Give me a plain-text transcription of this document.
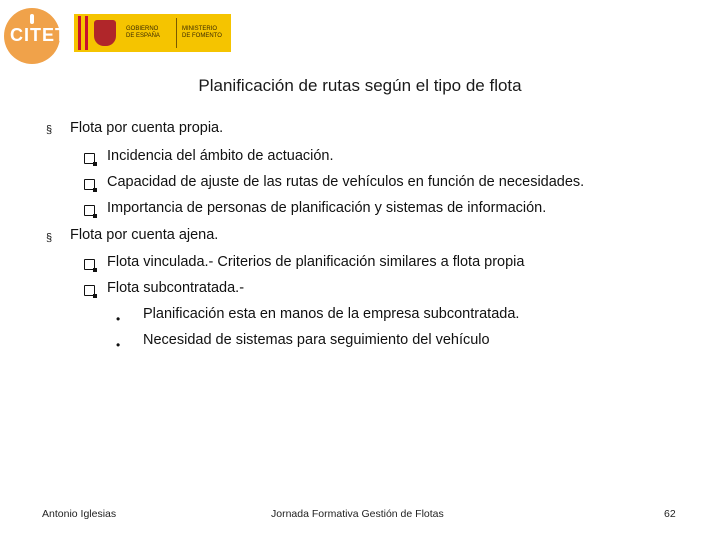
CITET	GOBIERNO
DE ESPAÑA
MINISTERIO
DE FOMENTO
Planificación de rutas según el tipo de flota
§ Flota por cuenta propia.
Incidencia del ámbito de actuación.
Capacidad de ajuste de las rutas de vehículos en función de necesidades.
Importancia de personas de planificación y sistemas de información.
§ Flota por cuenta ajena.
Flota vinculada.- Criterios de planificación similares a flota propia
Flota subcontratada.-
• Planificación esta en manos de la empresa subcontratada.
• Necesidad de sistemas para seguimiento del vehículo
Antonio Iglesias	Jornada Formativa Gestión de Flotas	62
